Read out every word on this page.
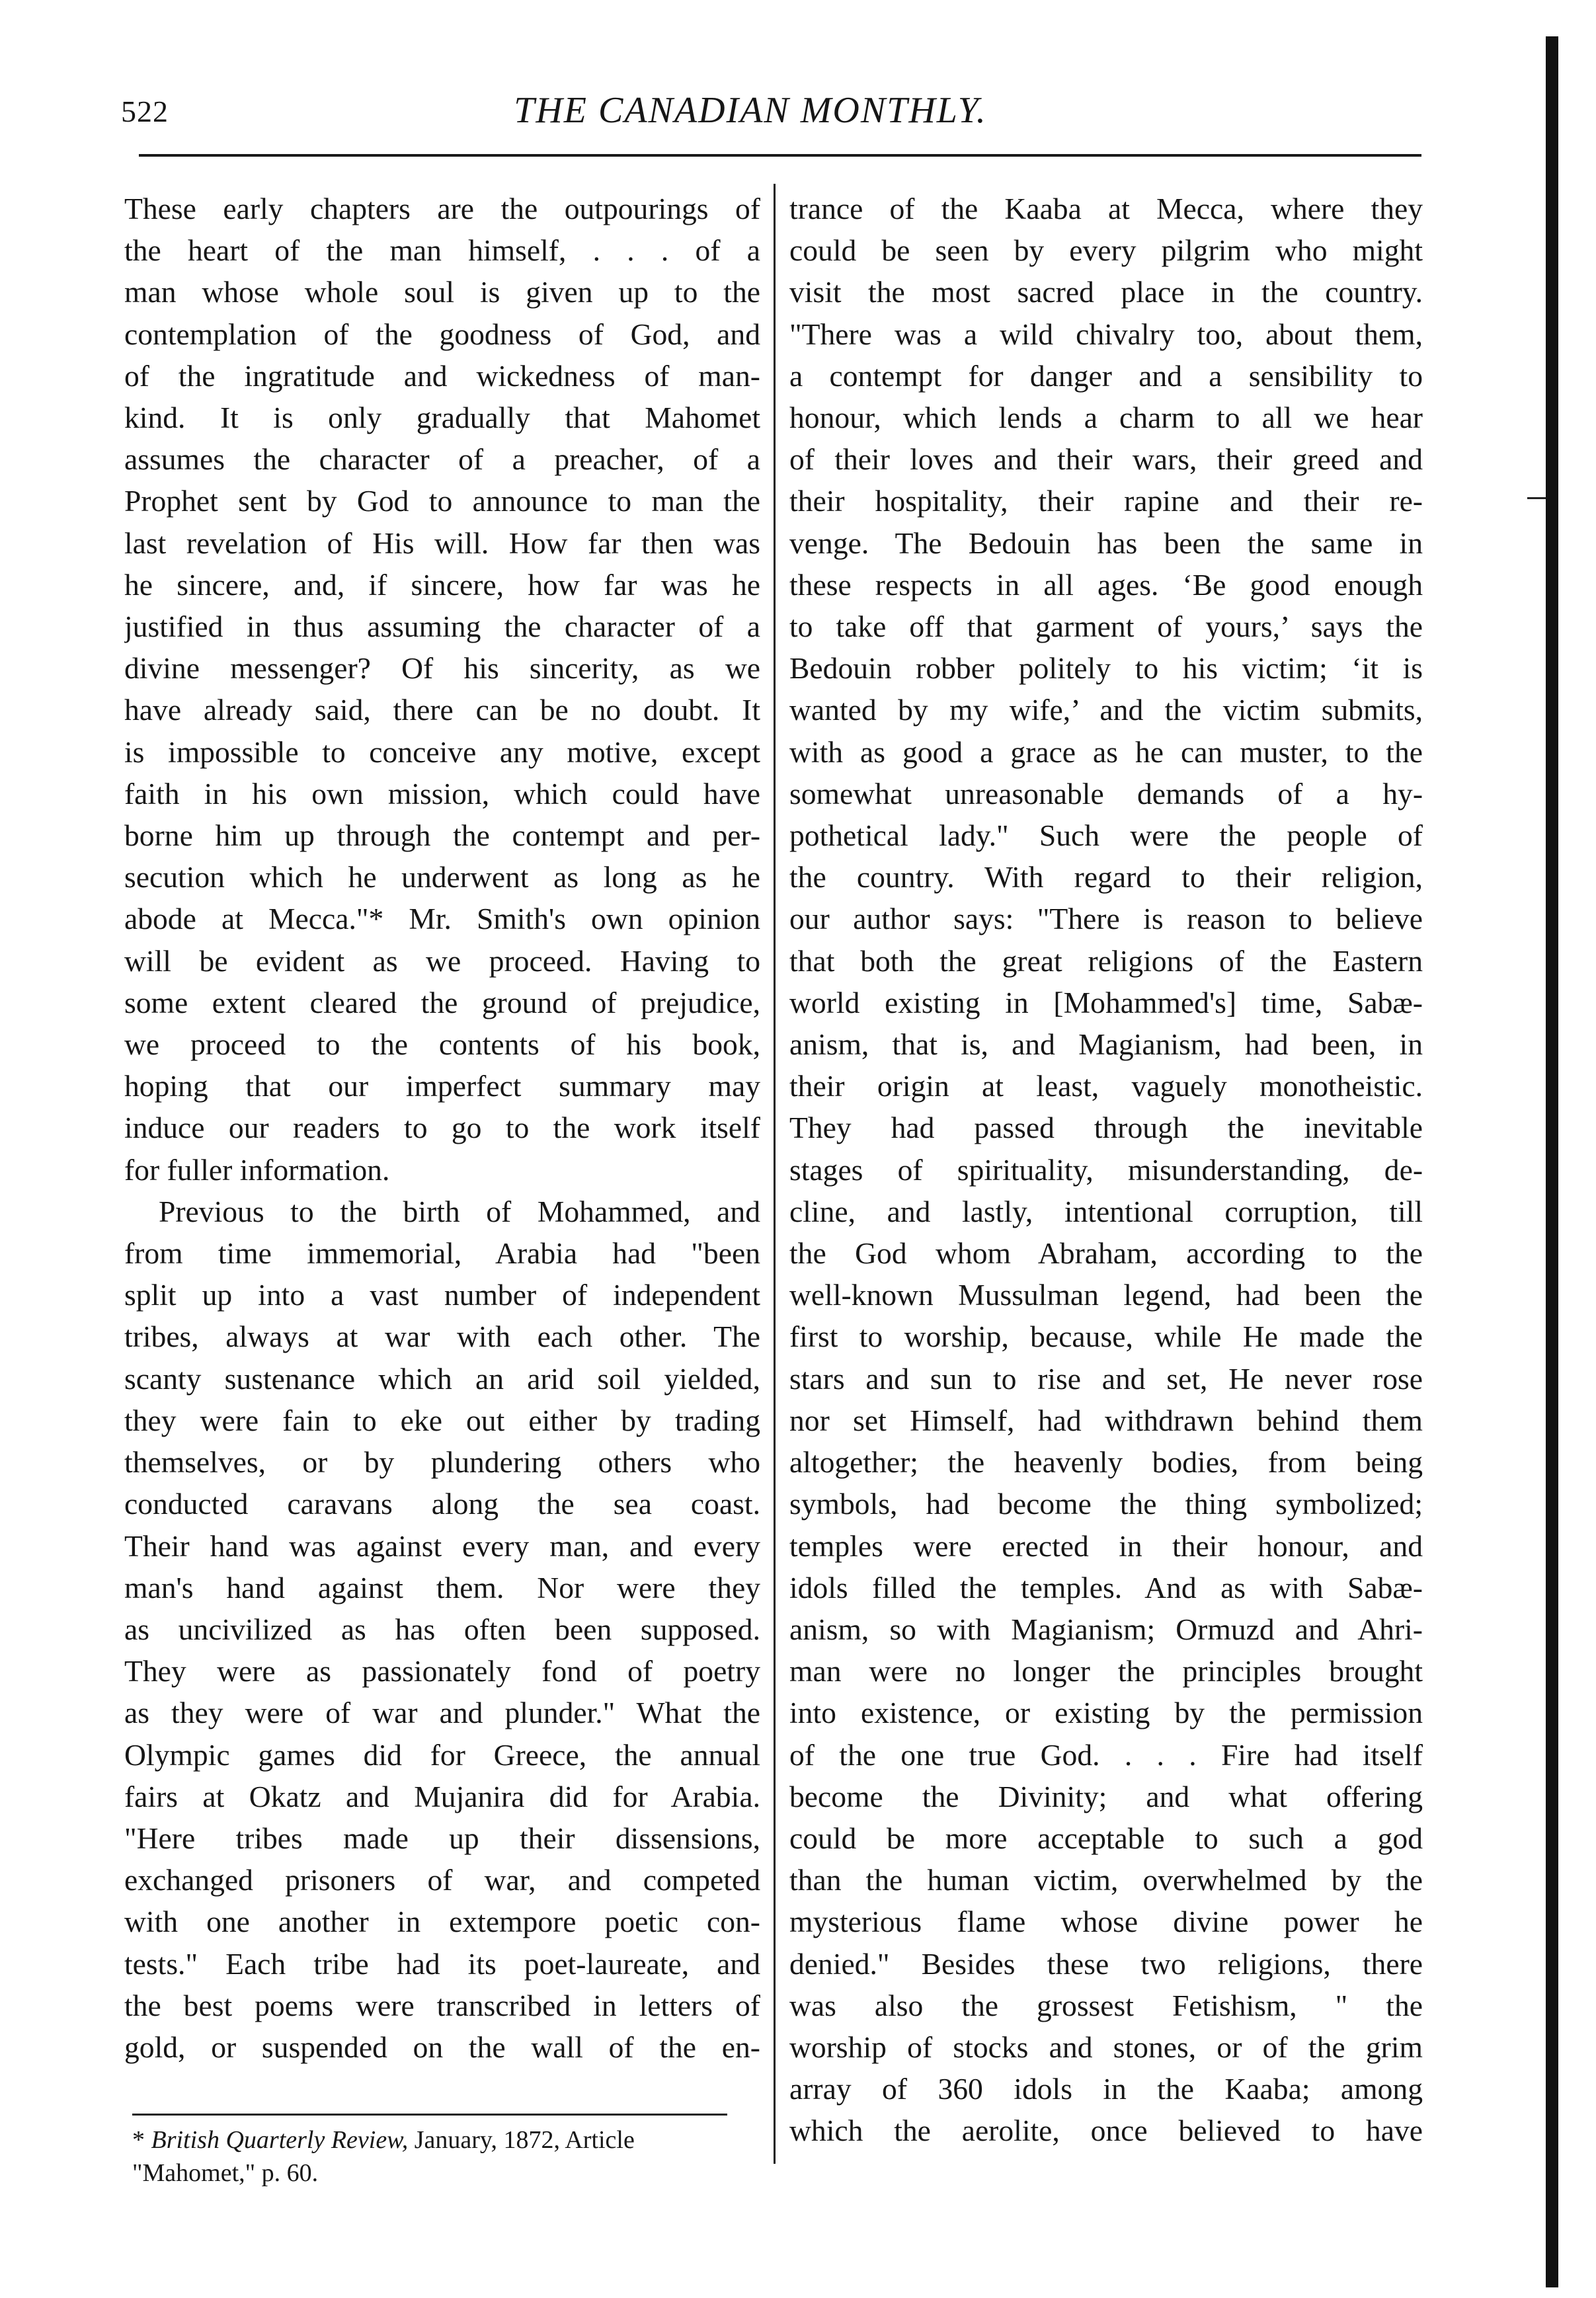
522	THE CANADIAN MONTHLY.
These early chapters are the outpourings of
the heart of the man himself, . . . of a
man whose whole soul is given up to the
contemplation of the goodness of God, and
of the ingratitude and wickedness of man-
kind. It is only gradually that Mahomet
assumes the character of a preacher, of a
Prophet sent by God to announce to man the
last revelation of His will. How far then was
he sincere, and, if sincere, how far was he
justified in thus assuming the character of a
divine messenger? Of his sincerity, as we
have already said, there can be no doubt. It
is impossible to conceive any motive, except
faith in his own mission, which could have
borne him up through the contempt and per-
secution which he underwent as long as he
abode at Mecca."* Mr. Smith's own opinion
will be evident as we proceed. Having to
some extent cleared the ground of prejudice,
we proceed to the contents of his book,
hoping that our imperfect summary may
induce our readers to go to the work itself
for fuller information.
Previous to the birth of Mohammed, and
from time immemorial, Arabia had "been
split up into a vast number of independent
tribes, always at war with each other. The
scanty sustenance which an arid soil yielded,
they were fain to eke out either by trading
themselves, or by plundering others who
conducted caravans along the sea coast.
Their hand was against every man, and every
man's hand against them. Nor were they
as uncivilized as has often been supposed.
They were as passionately fond of poetry
as they were of war and plunder." What the
Olympic games did for Greece, the annual
fairs at Okatz and Mujanira did for Arabia.
"Here tribes made up their dissensions,
exchanged prisoners of war, and competed
with one another in extempore poetic con-
tests." Each tribe had its poet-laureate, and
the best poems were transcribed in letters of
gold, or suspended on the wall of the en-
trance of the Kaaba at Mecca, where they
could be seen by every pilgrim who might
visit the most sacred place in the country.
"There was a wild chivalry too, about them,
a contempt for danger and a sensibility to
honour, which lends a charm to all we hear
of their loves and their wars, their greed and
their hospitality, their rapine and their re-
venge. The Bedouin has been the same in
these respects in all ages. ‘Be good enough
to take off that garment of yours,’ says the
Bedouin robber politely to his victim; ‘it is
wanted by my wife,’ and the victim submits,
with as good a grace as he can muster, to the
somewhat unreasonable demands of a hy-
pothetical lady." Such were the people of
the country. With regard to their religion,
our author says: "There is reason to believe
that both the great religions of the Eastern
world existing in [Mohammed's] time, Sabæ-
anism, that is, and Magianism, had been, in
their origin at least, vaguely monotheistic.
They had passed through the inevitable
stages of spirituality, misunderstanding, de-
cline, and lastly, intentional corruption, till
the God whom Abraham, according to the
well-known Mussulman legend, had been the
first to worship, because, while He made the
stars and sun to rise and set, He never rose
nor set Himself, had withdrawn behind them
altogether; the heavenly bodies, from being
symbols, had become the thing symbolized;
temples were erected in their honour, and
idols filled the temples. And as with Sabæ-
anism, so with Magianism; Ormuzd and Ahri-
man were no longer the principles brought
into existence, or existing by the permission
of the one true God. . . . Fire had itself
become the Divinity; and what offering
could be more acceptable to such a god
than the human victim, overwhelmed by the
mysterious flame whose divine power he
denied." Besides these two religions, there
was also the grossest Fetishism, " the
worship of stocks and stones, or of the grim
array of 360 idols in the Kaaba; among
which the aerolite, once believed to have
* British Quarterly Review, January, 1872, Article
"Mahomet," p. 60.
